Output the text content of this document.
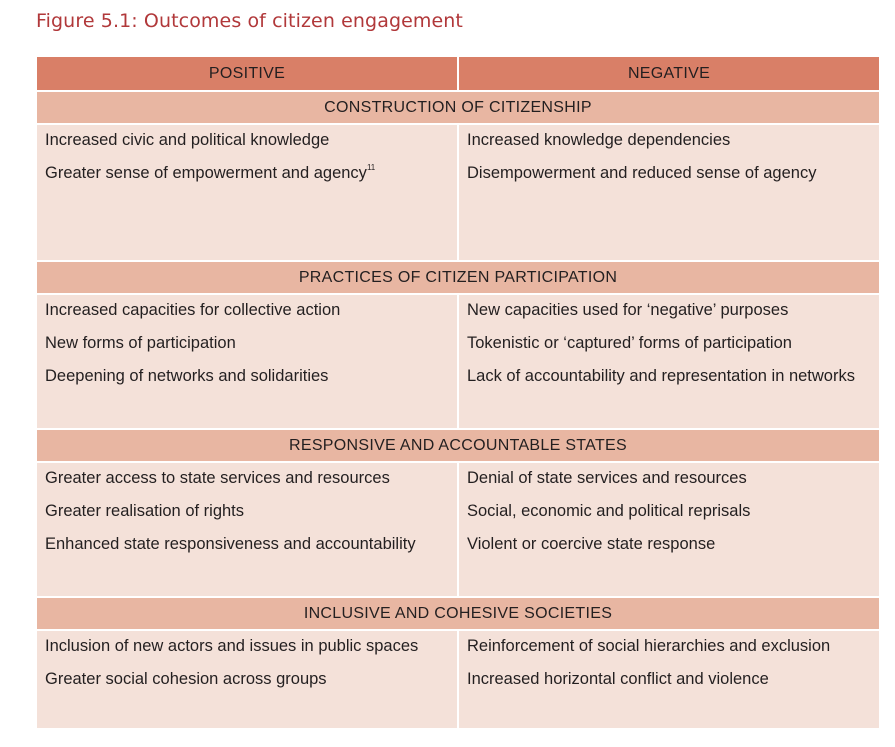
Figure 5.1: Outcomes of citizen engagement
POSITIVE	NEGATIVE
CONSTRUCTION OF CITIZENSHIP
Increased civic and political knowledge
Greater sense of empowerment and agency$^{11}$
Increased knowledge dependencies
Disempowerment and reduced sense of agency
PRACTICES OF CITIZEN PARTICIPATION
Increased capacities for collective action
New forms of participation
Deepening of networks and solidarities
New capacities used for ‘negative’ purposes
Tokenistic or ‘captured’ forms of participation
Lack of accountability and representation in networks
RESPONSIVE AND ACCOUNTABLE STATES
Greater access to state services and resources
Greater realisation of rights
Enhanced state responsiveness and accountability
Denial of state services and resources
Social, economic and political reprisals
Violent or coercive state response
INCLUSIVE AND COHESIVE SOCIETIES
Inclusion of new actors and issues in public spaces
Greater social cohesion across groups
Reinforcement of social hierarchies and exclusion
Increased horizontal conflict and violence
